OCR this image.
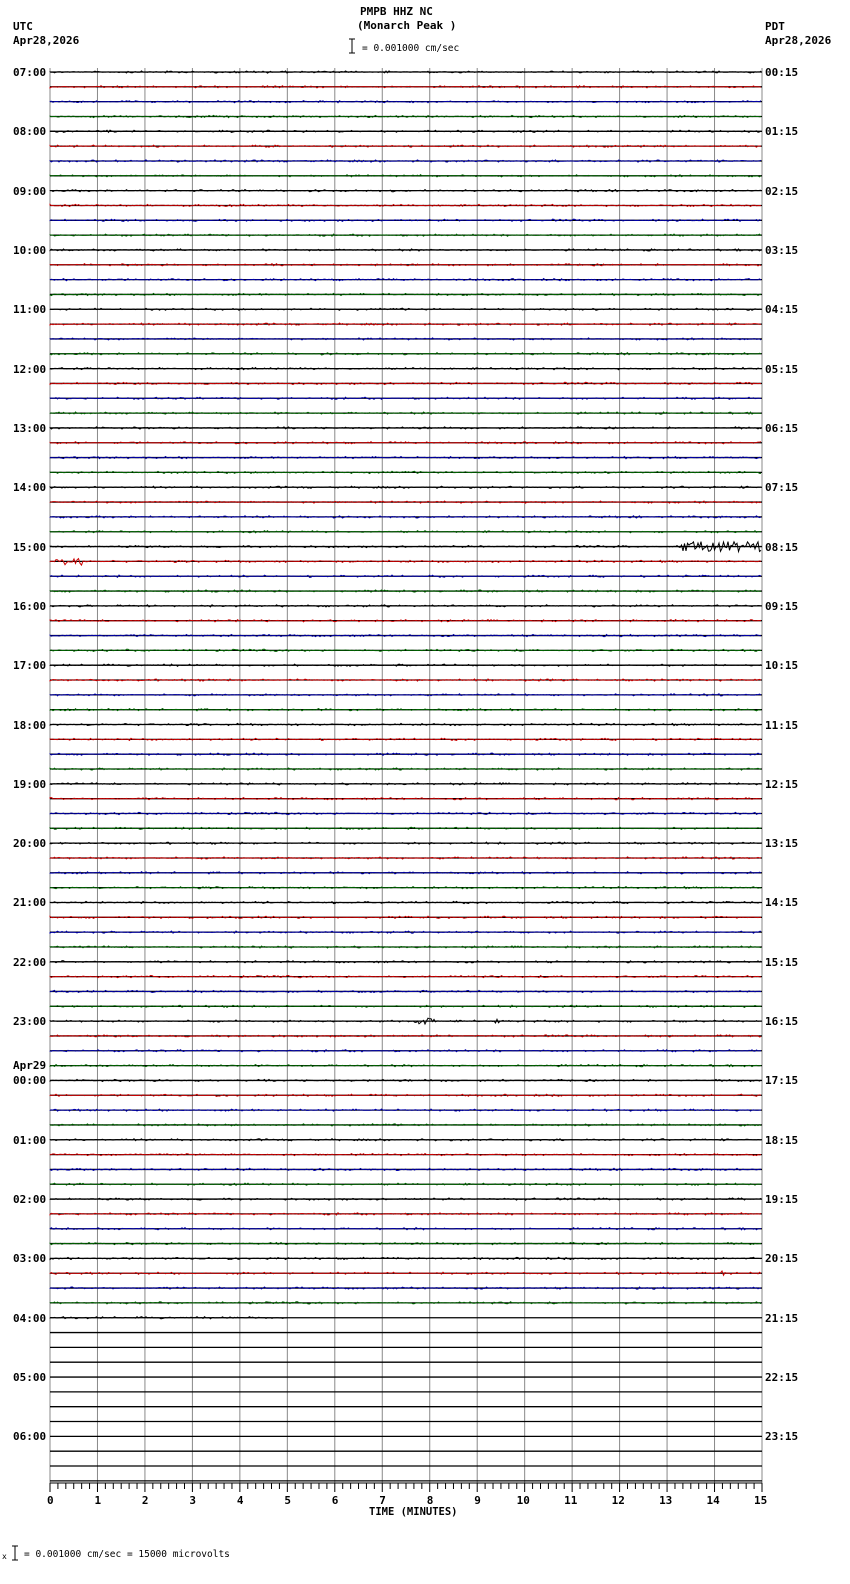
PMPB HHZ NC
(Monarch Peak )
= 0.001000 cm/sec
UTC
Apr28,2026
PDT
Apr28,2026
x = 0.001000 cm/sec = 15000 microvolts
0	1	2	3	4	5	6	7	8	9	10	11	12	13	14	15
TIME (MINUTES)
07:00
08:00
09:00
10:00
11:00
12:00
13:00
14:00
15:00
16:00
17:00
18:00
19:00
20:00
21:00
22:00
23:00
Apr29
00:00
01:00
02:00
03:00
04:00
05:00
06:00
00:15
01:15
02:15
03:15
04:15
05:15
06:15
07:15
08:15
09:15
10:15
11:15
12:15
13:15
14:15
15:15
16:15
17:15
18:15
19:15
20:15
21:15
22:15
23:15
